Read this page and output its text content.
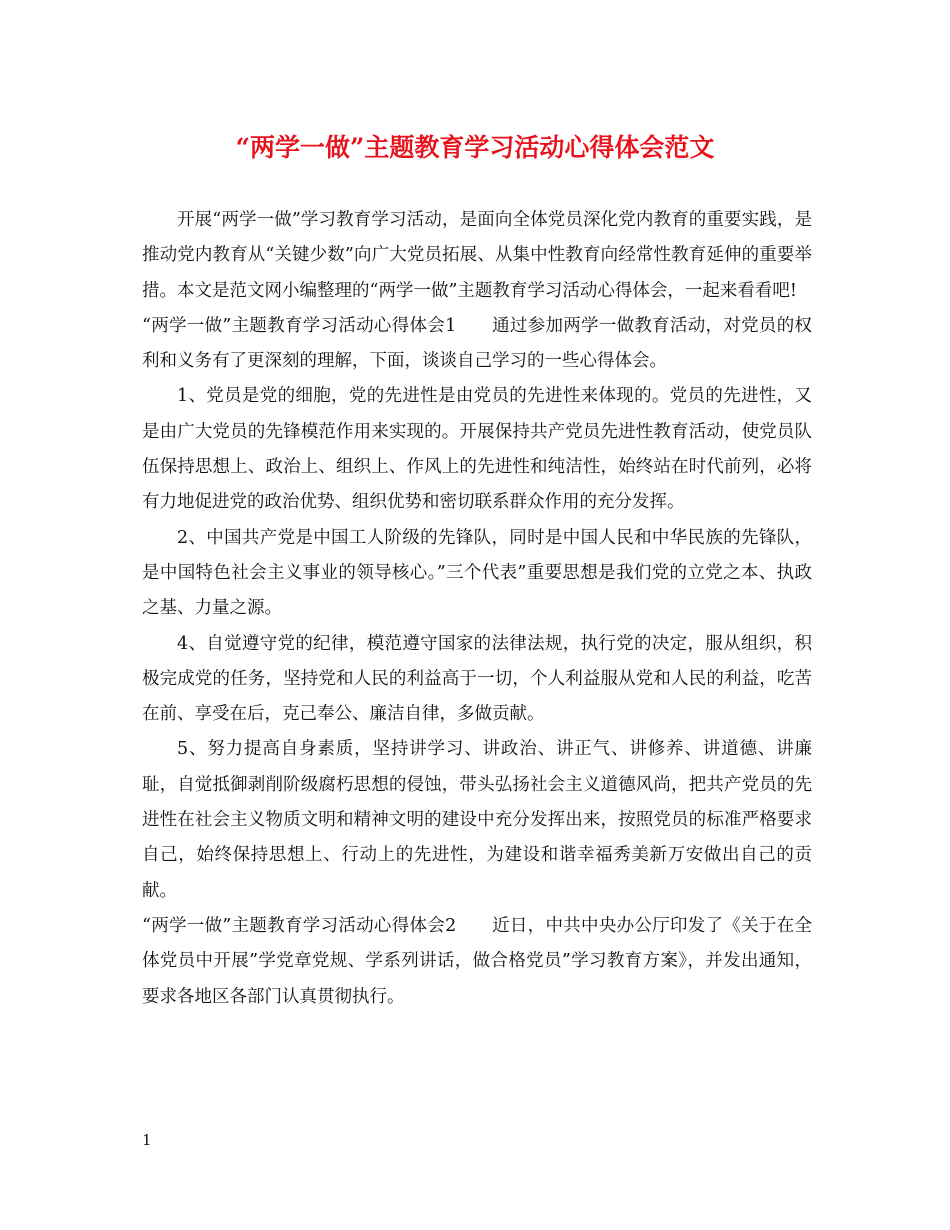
“两学一做”主题教育学习活动心得体会范文

开展“两学一做”学习教育学习活动，是面向全体党员深化党内教育的重要实践，是推动党内教育从“关键少数”向广大党员拓展、从集中性教育向经常性教育延伸的重要举措。本文是范文网小编整理的“两学一做”主题教育学习活动心得体会，一起来看看吧!

“两学一做”主题教育学习活动心得体会1　　通过参加两学一做教育活动，对党员的权利和义务有了更深刻的理解，下面，谈谈自己学习的一些心得体会。

1、党员是党的细胞，党的先进性是由党员的先进性来体现的。党员的先进性，又是由广大党员的先锋模范作用来实现的。开展保持共产党员先进性教育活动，使党员队伍保持思想上、政治上、组织上、作风上的先进性和纯洁性，始终站在时代前列，必将有力地促进党的政治优势、组织优势和密切联系群众作用的充分发挥。

2、中国共产党是中国工人阶级的先锋队，同时是中国人民和中华民族的先锋队，是中国特色社会主义事业的领导核心。”三个代表”重要思想是我们党的立党之本、执政之基、力量之源。

4、自觉遵守党的纪律，模范遵守国家的法律法规，执行党的决定，服从组织，积极完成党的任务，坚持党和人民的利益高于一切，个人利益服从党和人民的利益，吃苦在前、享受在后，克己奉公、廉洁自律，多做贡献。

5、努力提高自身素质，坚持讲学习、讲政治、讲正气、讲修养、讲道德、讲廉耻，自觉抵御剥削阶级腐朽思想的侵蚀，带头弘扬社会主义道德风尚，把共产党员的先进性在社会主义物质文明和精神文明的建设中充分发挥出来，按照党员的标准严格要求自己，始终保持思想上、行动上的先进性，为建设和谐幸福秀美新万安做出自己的贡献。

“两学一做”主题教育学习活动心得体会2　　近日，中共中央办公厅印发了《关于在全体党员中开展”学党章党规、学系列讲话，做合格党员”学习教育方案》，并发出通知，要求各地区各部门认真贯彻执行。

1
